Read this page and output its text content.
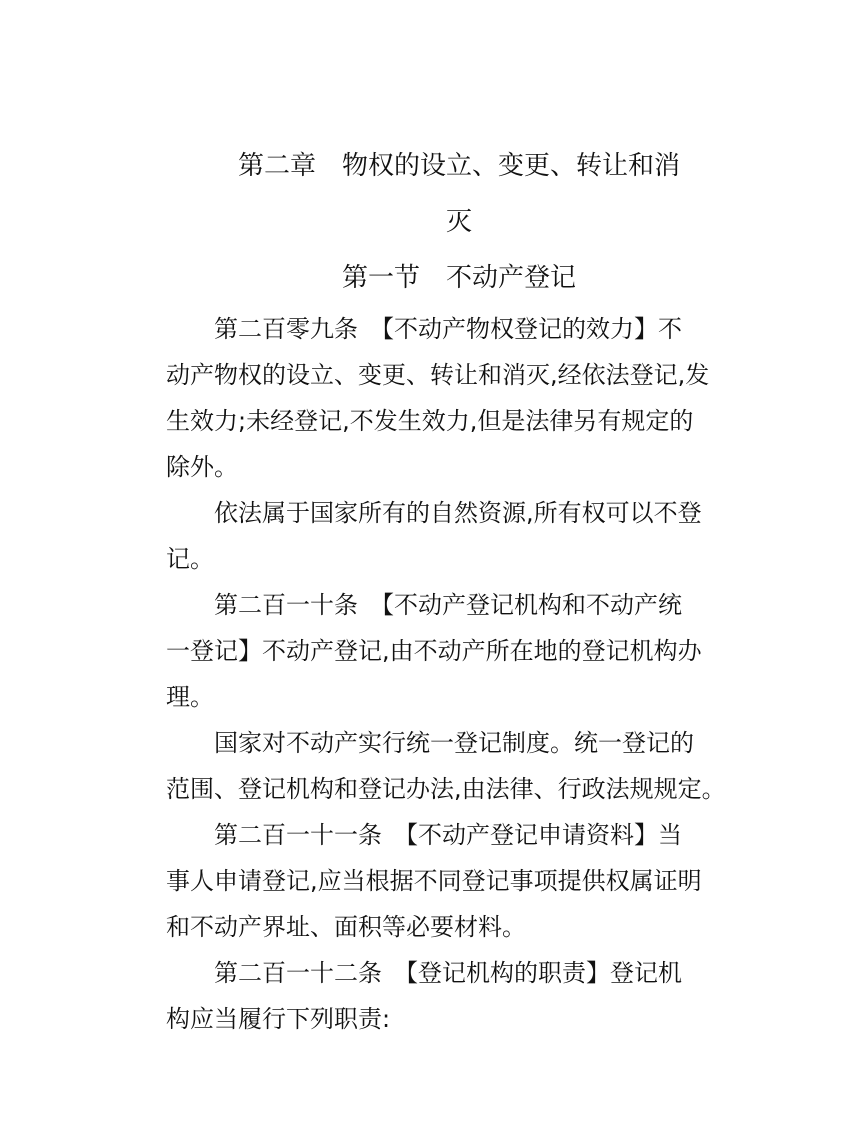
第二章　物权的设立、变更、转让和消
灭
第一节　不动产登记
第二百零九条　【不动产物权登记的效力】不
动产物权的设立、变更、转让和消灭,经依法登记,发
生效力;未经登记,不发生效力,但是法律另有规定的
除外。
依法属于国家所有的自然资源,所有权可以不登
记。
第二百一十条　【不动产登记机构和不动产统
一登记】不动产登记,由不动产所在地的登记机构办
理。
国家对不动产实行统一登记制度。统一登记的
范围、登记机构和登记办法,由法律、行政法规规定。
第二百一十一条　【不动产登记申请资料】当
事人申请登记,应当根据不同登记事项提供权属证明
和不动产界址、面积等必要材料。
第二百一十二条　【登记机构的职责】登记机
构应当履行下列职责:
